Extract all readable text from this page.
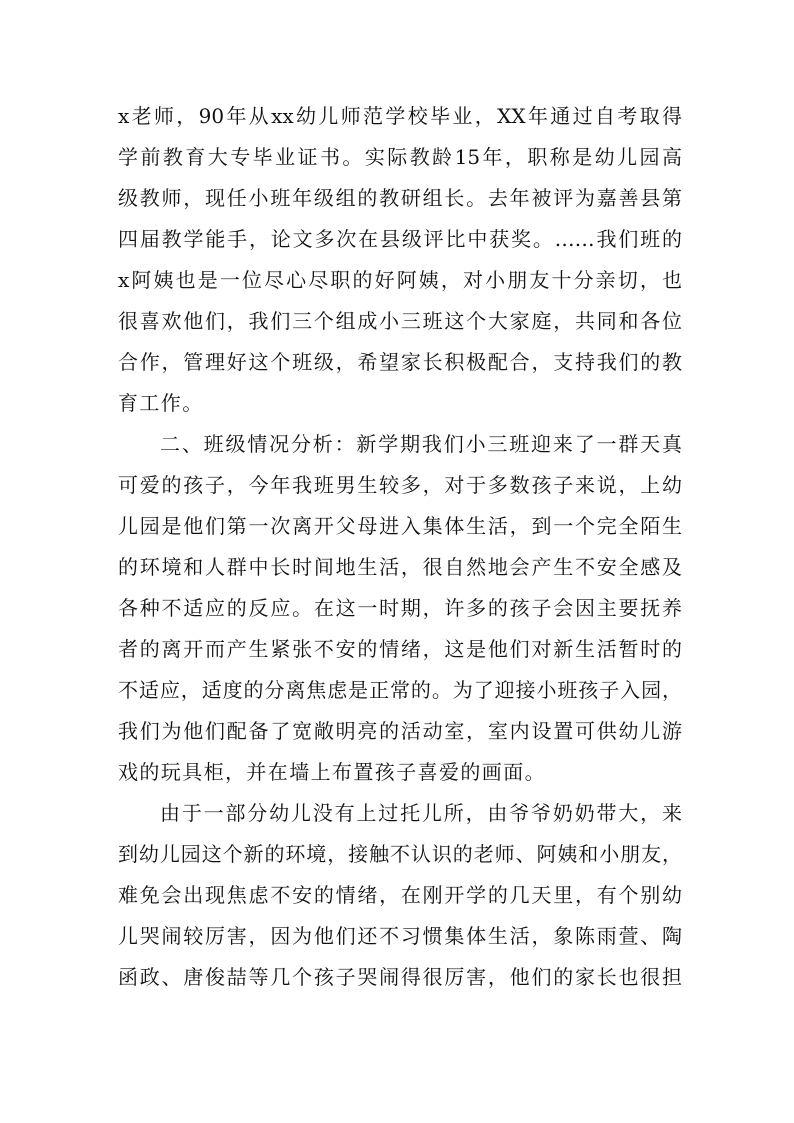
x老师，90年从xx幼儿师范学校毕业，XX年通过自考取得
学前教育大专毕业证书。实际教龄15年，职称是幼儿园高
级教师，现任小班年级组的教研组长。去年被评为嘉善县第
四届教学能手，论文多次在县级评比中获奖。……我们班的
x阿姨也是一位尽心尽职的好阿姨，对小朋友十分亲切，也
很喜欢他们，我们三个组成小三班这个大家庭，共同和各位
合作，管理好这个班级，希望家长积极配合，支持我们的教
育工作。
二、班级情况分析：新学期我们小三班迎来了一群天真
可爱的孩子，今年我班男生较多，对于多数孩子来说，上幼
儿园是他们第一次离开父母进入集体生活，到一个完全陌生
的环境和人群中长时间地生活，很自然地会产生不安全感及
各种不适应的反应。在这一时期，许多的孩子会因主要抚养
者的离开而产生紧张不安的情绪，这是他们对新生活暂时的
不适应，适度的分离焦虑是正常的。为了迎接小班孩子入园，
我们为他们配备了宽敞明亮的活动室，室内设置可供幼儿游
戏的玩具柜，并在墙上布置孩子喜爱的画面。
由于一部分幼儿没有上过托儿所，由爷爷奶奶带大，来
到幼儿园这个新的环境，接触不认识的老师、阿姨和小朋友，
难免会出现焦虑不安的情绪，在刚开学的几天里，有个别幼
儿哭闹较厉害，因为他们还不习惯集体生活，象陈雨萱、陶
函政、唐俊喆等几个孩子哭闹得很厉害，他们的家长也很担
